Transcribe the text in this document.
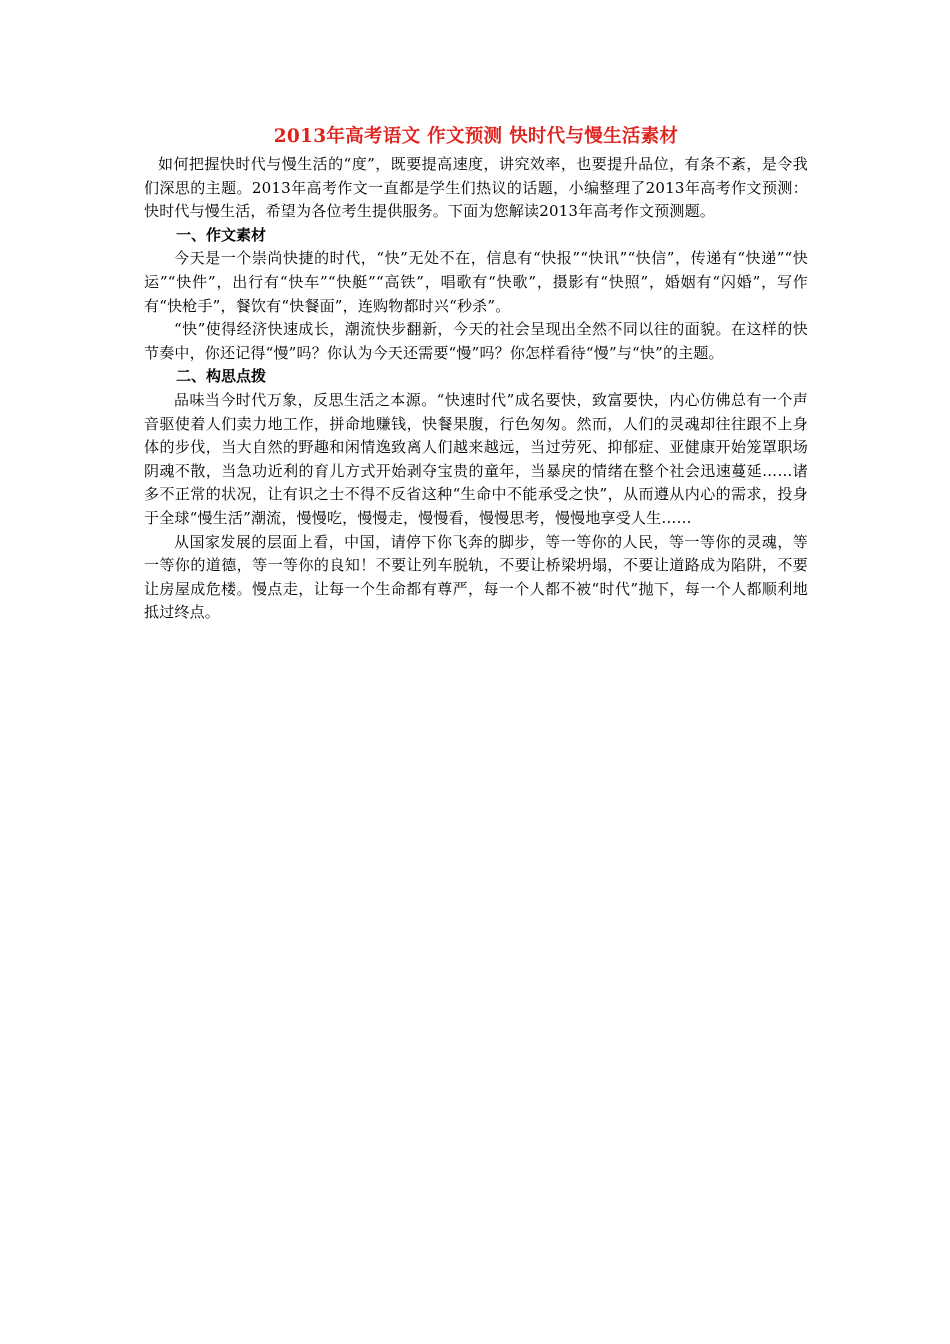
2013年高考语文 作文预测 快时代与慢生活素材

如何把握快时代与慢生活的“度”，既要提高速度，讲究效率，也要提升品位，有条不紊，是令我们深思的主题。2013年高考作文一直都是学生们热议的话题，小编整理了2013年高考作文预测：快时代与慢生活，希望为各位考生提供服务。下面为您解读2013年高考作文预测题。

一、作文素材

今天是一个崇尚快捷的时代，“快”无处不在，信息有“快报”“快讯”“快信”，传递有“快递”“快运”“快件”，出行有“快车”“快艇”“高铁”，唱歌有“快歌”，摄影有“快照”，婚姻有“闪婚”，写作有“快枪手”，餐饮有“快餐面”，连购物都时兴“秒杀”。

“快”使得经济快速成长，潮流快步翻新，今天的社会呈现出全然不同以往的面貌。在这样的快节奏中，你还记得“慢”吗？你认为今天还需要“慢”吗？你怎样看待“慢”与“快”的主题。

二、构思点拨

品味当今时代万象，反思生活之本源。“快速时代”成名要快，致富要快，内心仿佛总有一个声音驱使着人们卖力地工作，拼命地赚钱，快餐果腹，行色匆匆。然而，人们的灵魂却往往跟不上身体的步伐，当大自然的野趣和闲情逸致离人们越来越远，当过劳死、抑郁症、亚健康开始笼罩职场阴魂不散，当急功近利的育儿方式开始剥夺宝贵的童年，当暴戾的情绪在整个社会迅速蔓延……诸多不正常的状况，让有识之士不得不反省这种“生命中不能承受之快”，从而遵从内心的需求，投身于全球“慢生活”潮流，慢慢吃，慢慢走，慢慢看，慢慢思考，慢慢地享受人生……

从国家发展的层面上看，中国，请停下你飞奔的脚步，等一等你的人民，等一等你的灵魂，等一等你的道德，等一等你的良知！不要让列车脱轨，不要让桥梁坍塌，不要让道路成为陷阱，不要让房屋成危楼。慢点走，让每一个生命都有尊严，每一个人都不被“时代”抛下，每一个人都顺利地抵过终点。
